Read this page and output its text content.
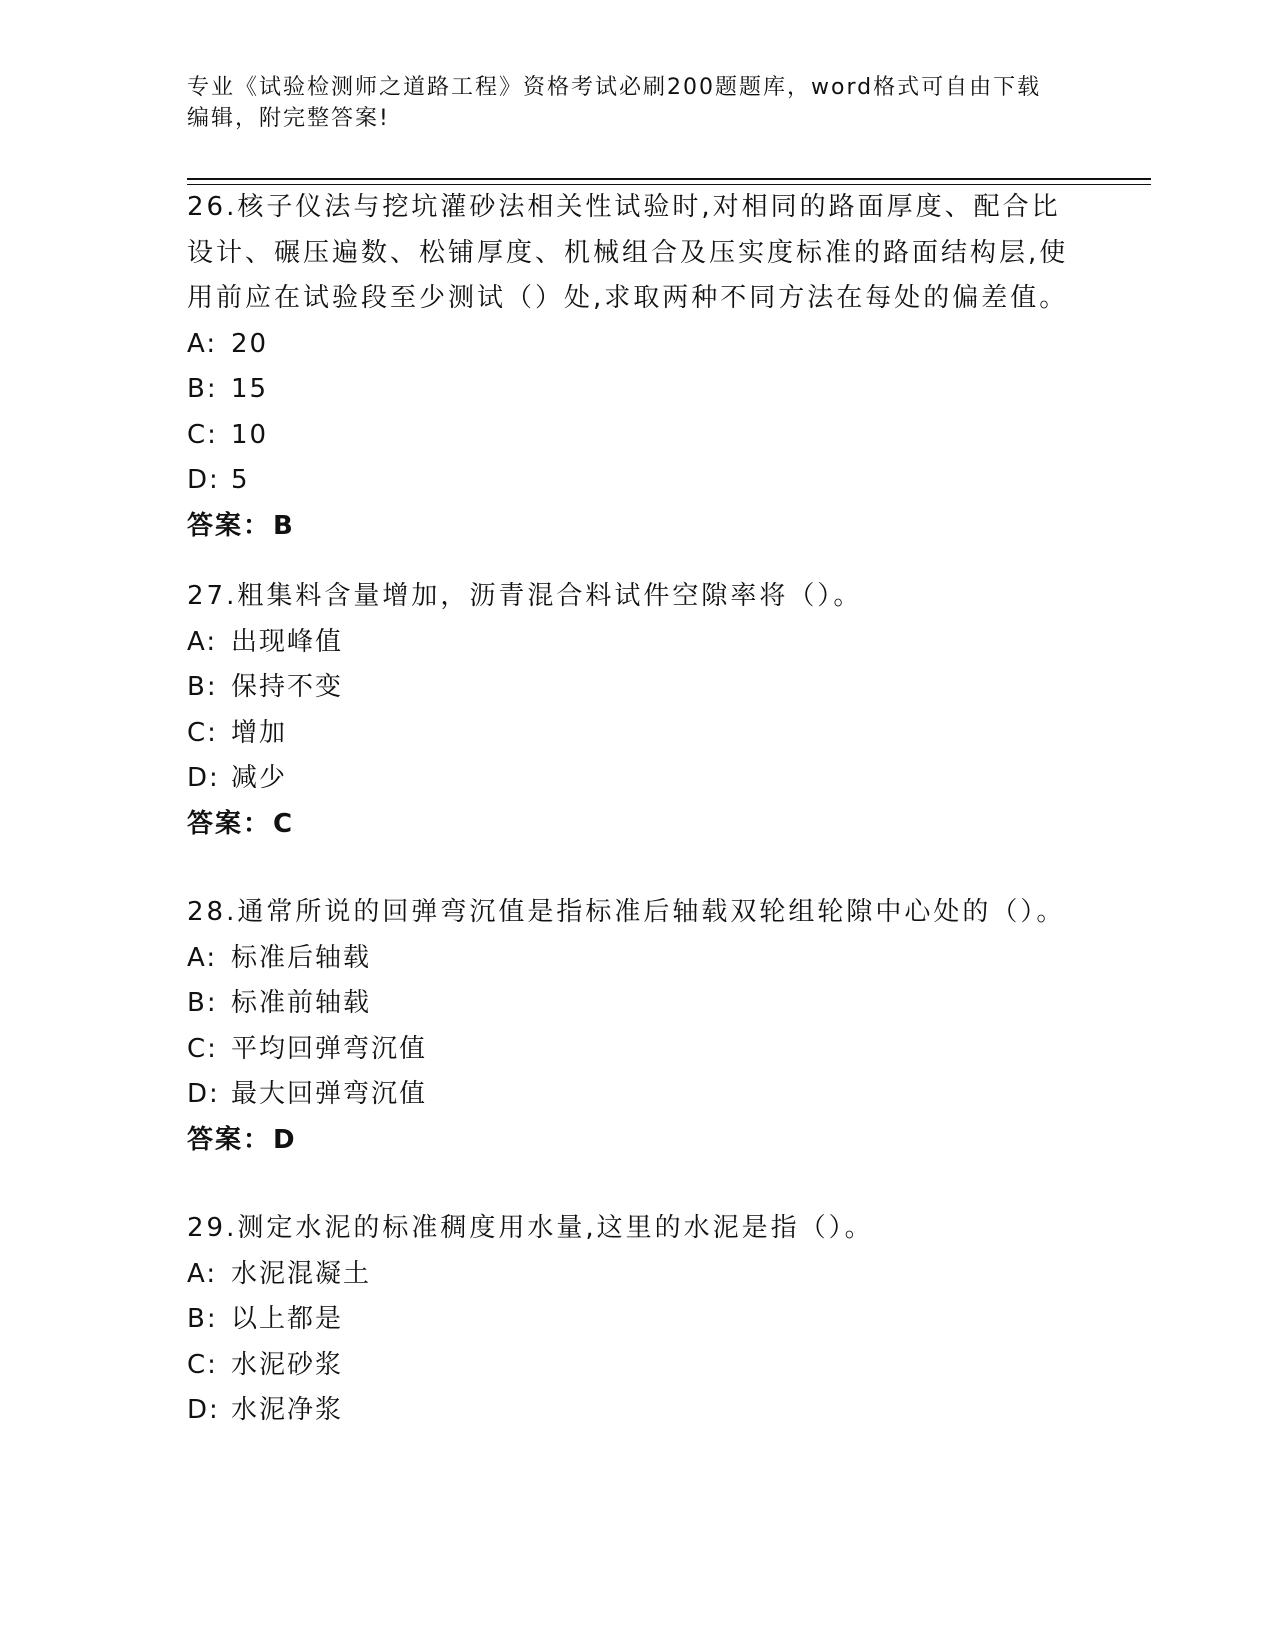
专业《试验检测师之道路工程》资格考试必刷200题题库，word格式可自由下载
编辑，附完整答案!
26.核子仪法与挖坑灌砂法相关性试验时,对相同的路面厚度、配合比
设计、碾压遍数、松铺厚度、机械组合及压实度标准的路面结构层,使
用前应在试验段至少测试（）处,求取两种不同方法在每处的偏差值。
A: 20
B: 15
C: 10
D: 5
答案：B
27.粗集料含量增加，沥青混合料试件空隙率将（）。
A: 出现峰值
B: 保持不变
C: 增加
D: 减少
答案：C
28.通常所说的回弹弯沉值是指标准后轴载双轮组轮隙中心处的（）。
A: 标准后轴载
B: 标准前轴载
C: 平均回弹弯沉值
D: 最大回弹弯沉值
答案：D
29.测定水泥的标准稠度用水量,这里的水泥是指（）。
A: 水泥混凝土
B: 以上都是
C: 水泥砂浆
D: 水泥净浆
